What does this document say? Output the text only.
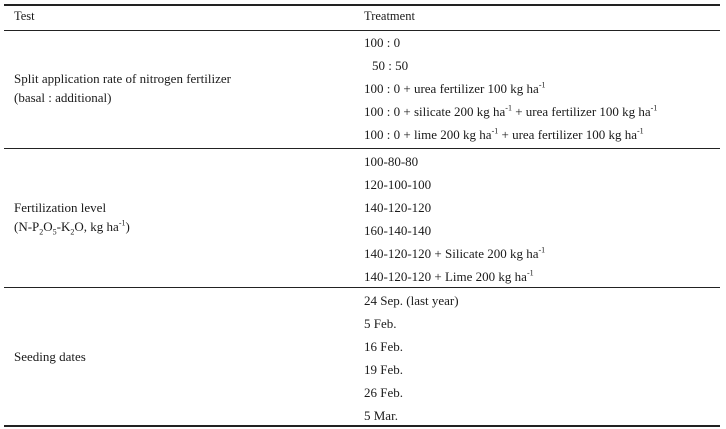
Test	Treatment
Split application rate of nitrogen fertilizer
(basal : additional)
100 : 0
50 : 50
100 : 0 + urea fertilizer 100 kg $ha^{-1}$
100 : 0 + silicate 200 kg $ha^{-1}$ + urea fertilizer 100 kg $ha^{-1}$
100 : 0 + lime 200 kg $ha^{-1}$ + urea fertilizer 100 kg $ha^{-1}$
Fertilization level
($N-P_2O_5-K_2O$, kg $ha^{-1}$)
100-80-80
120-100-100
140-120-120
160-140-140
140-120-120 + Silicate 200 kg $ha^{-1}$
140-120-120 + Lime 200 kg $ha^{-1}$
Seeding dates
24 Sep. (last year)
5 Feb.
16 Feb.
19 Feb.
26 Feb.
5 Mar.
